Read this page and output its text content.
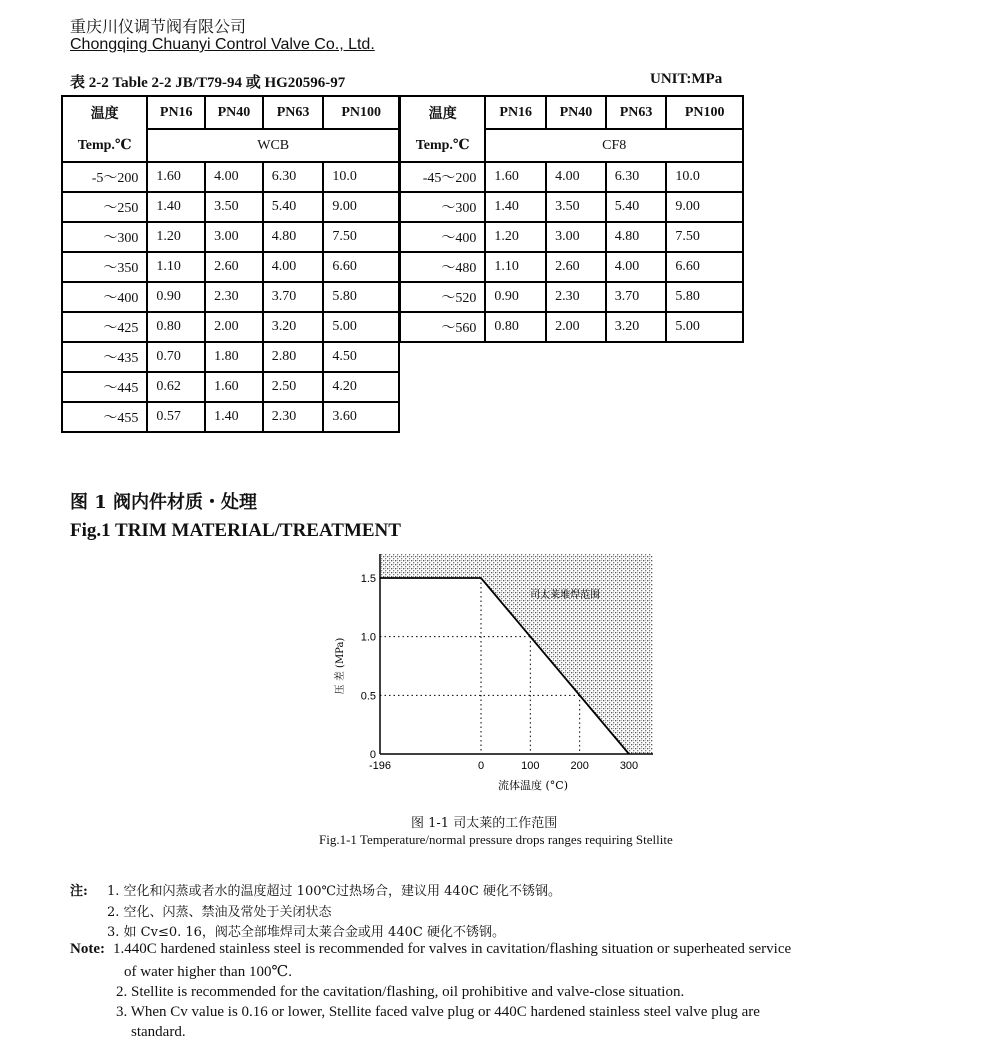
重庆川仪调节阀有限公司
Chongqing Chuanyi Control Valve Co., Ltd.
表 2-2 Table 2-2 JB/T79-94 或 HG20596-97	UNIT:MPa
温度	PN16	PN40	PN63	PN100
Temp.℃	WCB			
-5～200	1.60	4.00	6.30	10.0
～250	1.40	3.50	5.40	9.00
～300	1.20	3.00	4.80	7.50
～350	1.10	2.60	4.00	6.60
～400	0.90	2.30	3.70	5.80
～425	0.80	2.00	3.20	5.00
～435	0.70	1.80	2.80	4.50
～445	0.62	1.60	2.50	4.20
～455	0.57	1.40	2.30	3.60
温度	PN16	PN40	PN63	PN100
Temp.℃	CF8			
-45～200	1.60	4.00	6.30	10.0
～300	1.40	3.50	5.40	9.00
～400	1.20	3.00	4.80	7.50
～480	1.10	2.60	4.00	6.60
～520	0.90	2.30	3.70	5.80
～560	0.80	2.00	3.20	5.00
图 1 阀内件材质・处理
Fig.1 TRIM MATERIAL/TREATMENT
0
0.5
1.0
1.5
-196	0	100	200	300
流体温度 (°C)
压 差 (MPa)
司太莱堆焊范围
图 1-1 司太莱的工作范围
Fig.1-1 Temperature/normal pressure drops ranges requiring Stellite
注: 1. 空化和闪蒸或者水的温度超过 100℃过热场合，建议用 440C 硬化不锈钢。
2. 空化、闪蒸、禁油及常处于关闭状态
3. 如 Cv≤0. 16，阀芯全部堆焊司太莱合金或用 440C 硬化不锈钢。
Note: 1.440C hardened stainless steel is recommended for valves in cavitation/flashing situation or superheated service
of water higher than 100℃.
2. Stellite is recommended for the cavitation/flashing, oil prohibitive and valve-close situation.
3. When Cv value is 0.16 or lower, Stellite faced valve plug or 440C hardened stainless steel valve plug are
standard.
